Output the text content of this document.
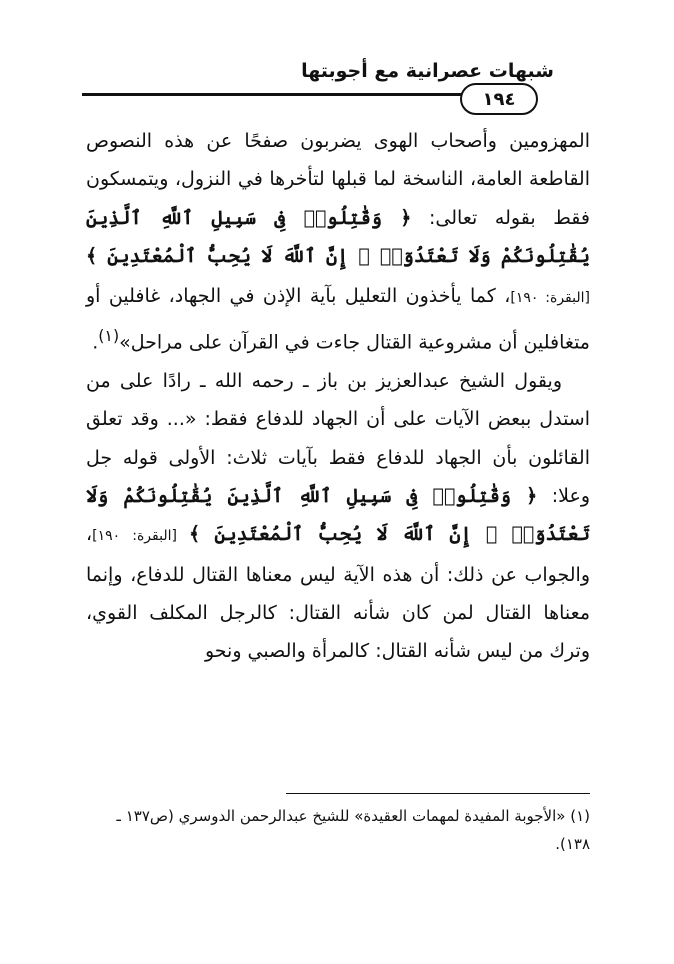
شبهات عصرانية مع أجوبتها
١٩٤

المهزومين وأصحاب الهوى يضربون صفحًا عن هذه النصوص القاطعة العامة، الناسخة لما قبلها لتأخرها في النزول، ويتمسكون فقط بقوله تعالى: ﴿ وَقَٰتِلُوا۟ فِى سَبِيلِ ٱللَّهِ ٱلَّذِينَ يُقَٰتِلُونَكُمْ وَلَا تَعْتَدُوٓا۟ ۚ إِنَّ ٱللَّهَ لَا يُحِبُّ ٱلْمُعْتَدِينَ ﴾ [البقرة: ١٩٠]، كما يأخذون التعليل بآية الإذن في الجهاد، غافلين أو متغافلين أن مشروعية القتال جاءت في القرآن على مراحل»$^{(١)}$.

ويقول الشيخ عبدالعزيز بن باز ـ رحمه الله ـ رادًا على من استدل ببعض الآيات على أن الجهاد للدفاع فقط: «... وقد تعلق القائلون بأن الجهاد للدفاع فقط بآيات ثلاث: الأولى قوله جل وعلا: ﴿ وَقَٰتِلُوا۟ فِى سَبِيلِ ٱللَّهِ ٱلَّذِينَ يُقَٰتِلُونَكُمْ وَلَا تَعْتَدُوٓا۟ ۚ إِنَّ ٱللَّهَ لَا يُحِبُّ ٱلْمُعْتَدِينَ ﴾ [البقرة: ١٩٠]، والجواب عن ذلك: أن هذه الآية ليس معناها القتال للدفاع، وإنما معناها القتال لمن كان شأنه القتال: كالرجل المكلف القوي، وترك من ليس شأنه القتال: كالمرأة والصبي ونحو

(١) «الأجوبة المفيدة لمهمات العقيدة» للشيخ عبدالرحمن الدوسري (ص١٣٧ ـ ١٣٨).
